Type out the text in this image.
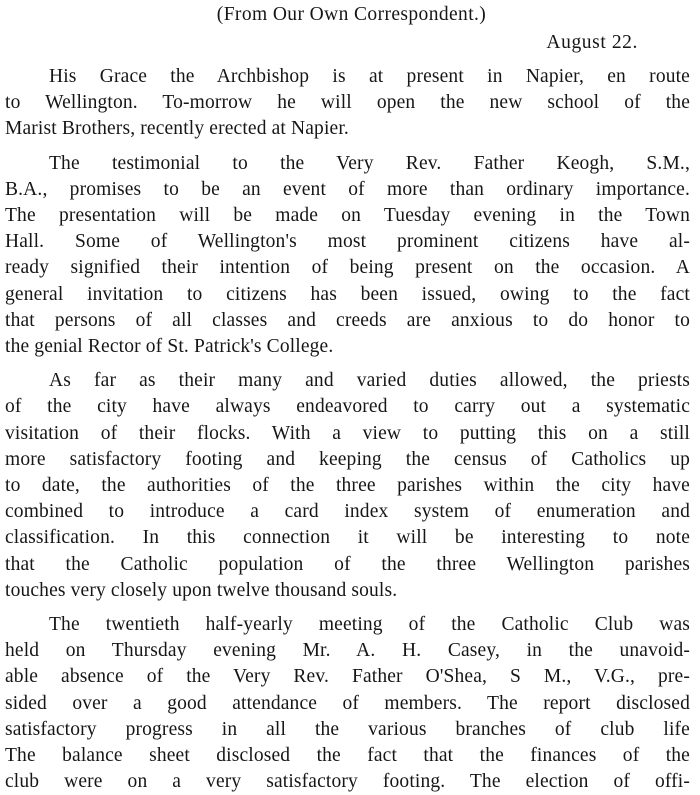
(From Our Own Correspondent.)
August 22.

His Grace the Archbishop is at present in Napier, en route
to Wellington. To-morrow he will open the new school of the
Marist Brothers, recently erected at Napier.

The testimonial to the Very Rev. Father Keogh, S.M.,
B.A., promises to be an event of more than ordinary importance.
The presentation will be made on Tuesday evening in the Town
Hall. Some of Wellington's most prominent citizens have al-
ready signified their intention of being present on the occasion. A
general invitation to citizens has been issued, owing to the fact
that persons of all classes and creeds are anxious to do honor to
the genial Rector of St. Patrick's College.

As far as their many and varied duties allowed, the priests
of the city have always endeavored to carry out a systematic
visitation of their flocks. With a view to putting this on a still
more satisfactory footing and keeping the census of Catholics up
to date, the authorities of the three parishes within the city have
combined to introduce a card index system of enumeration and
classification. In this connection it will be interesting to note
that the Catholic population of the three Wellington parishes
touches very closely upon twelve thousand souls.

The twentieth half-yearly meeting of the Catholic Club was
held on Thursday evening Mr. A. H. Casey, in the unavoid-
able absence of the Very Rev. Father O'Shea, S M., V.G., pre-
sided over a good attendance of members. The report disclosed
satisfactory progress in all the various branches of club life
The balance sheet disclosed the fact that the finances of the
club were on a very satisfactory footing. The election of offi-
